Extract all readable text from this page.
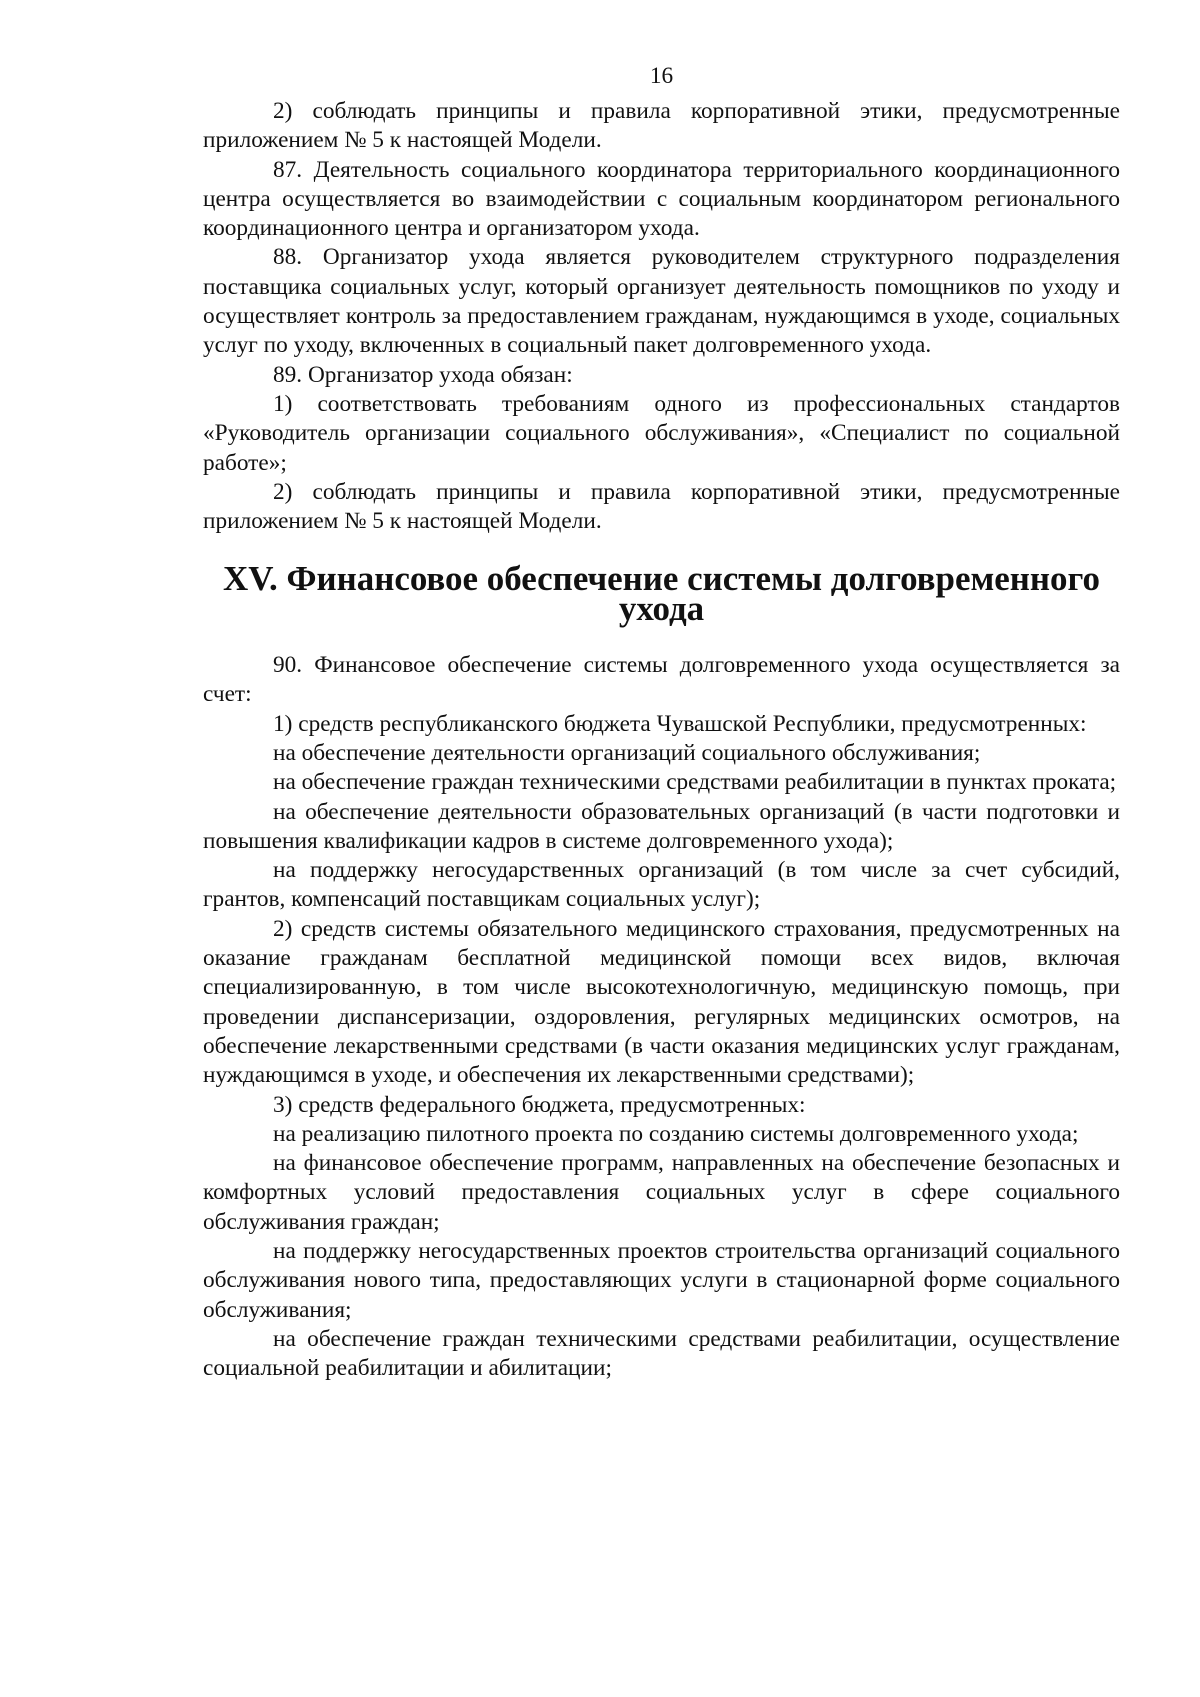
16

2) соблюдать принципы и правила корпоративной этики, предусмотренные приложением № 5 к настоящей Модели.

87. Деятельность социального координатора территориального координационного центра осуществляется во взаимодействии с социальным координатором регионального координационного центра и организатором ухода.

88. Организатор ухода является руководителем структурного подразделения поставщика социальных услуг, который организует деятельность помощников по уходу и осуществляет контроль за предоставлением гражданам, нуждающимся в уходе, социальных услуг по уходу, включенных в социальный пакет долговременного ухода.

89. Организатор ухода обязан:

1) соответствовать требованиям одного из профессиональных стандартов «Руководитель организации социального обслуживания», «Специалист по социальной работе»;

2) соблюдать принципы и правила корпоративной этики, предусмотренные приложением № 5 к настоящей Модели.

XV. Финансовое обеспечение системы долговременного ухода

90. Финансовое обеспечение системы долговременного ухода осуществляется за счет:

1) средств республиканского бюджета Чувашской Республики, предусмотренных:

на обеспечение деятельности организаций социального обслуживания;

на обеспечение граждан техническими средствами реабилитации в пунктах проката;

на обеспечение деятельности образовательных организаций (в части подготовки и повышения квалификации кадров в системе долговременного ухода);

на поддержку негосударственных организаций (в том числе за счет субсидий, грантов, компенсаций поставщикам социальных услуг);

2) средств системы обязательного медицинского страхования, предусмотренных на оказание гражданам бесплатной медицинской помощи всех видов, включая специализированную, в том числе высокотехнологичную, медицинскую помощь, при проведении диспансеризации, оздоровления, регулярных медицинских осмотров, на обеспечение лекарственными средствами (в части оказания медицинских услуг гражданам, нуждающимся в уходе, и обеспечения их лекарственными средствами);

3) средств федерального бюджета, предусмотренных:

на реализацию пилотного проекта по созданию системы долговременного ухода;

на финансовое обеспечение программ, направленных на обеспечение безопасных и комфортных условий предоставления социальных услуг в сфере социального обслуживания граждан;

на поддержку негосударственных проектов строительства организаций социального обслуживания нового типа, предоставляющих услуги в стационарной форме социального обслуживания;

на обеспечение граждан техническими средствами реабилитации, осуществление социальной реабилитации и абилитации;
